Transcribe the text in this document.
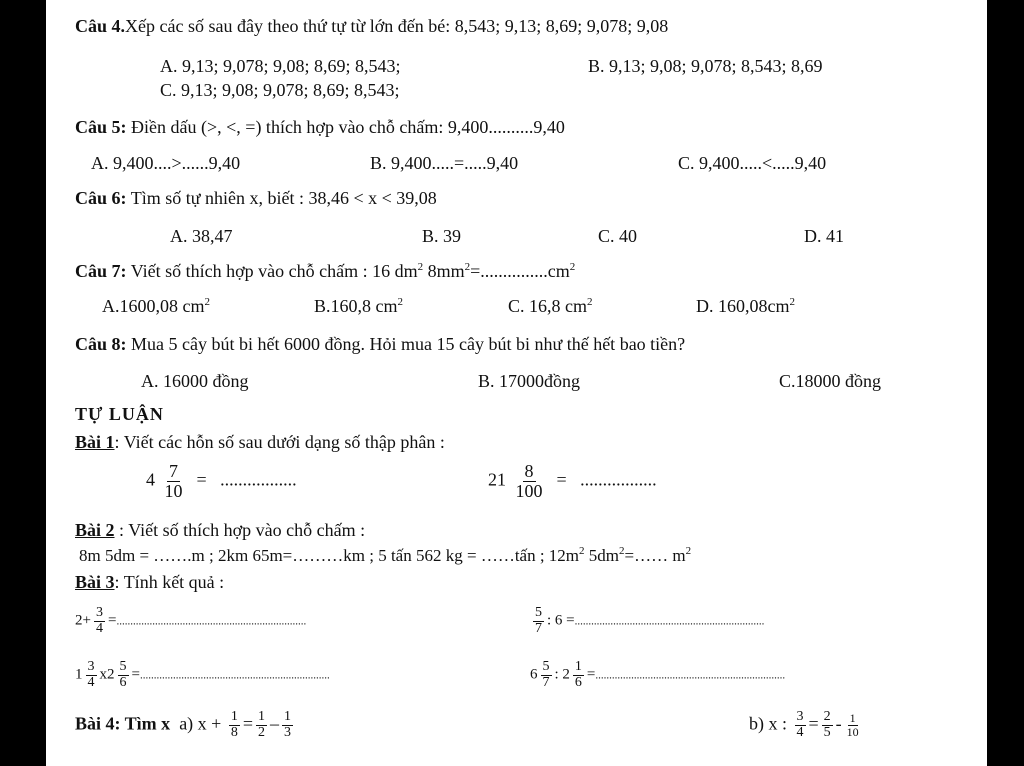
Câu 4.Xếp các số sau đây theo thứ tự từ lớn đến bé: 8,543; 9,13; 8,69; 9,078; 9,08
A. 9,13; 9,078; 9,08; 8,69; 8,543;	B. 9,13; 9,08; 9,078; 8,543; 8,69
C. 9,13; 9,08; 9,078; 8,69; 8,543;
Câu 5: Điền dấu (>, <, =) thích hợp vào chỗ chấm: 9,400..........9,40
A. 9,400....>......9,40	B. 9,400.....=.....9,40	C. 9,400.....<.....9,40
Câu 6: Tìm số tự nhiên x, biết : 38,46 < x < 39,08
A. 38,47	B. 39	C. 40	D. 41
Câu 7: Viết số thích hợp vào chỗ chấm : 16 $dm^2$ $8mm^2=...............cm^2$
A.1600,08 $cm^2$	B.160,8 $cm^2$	C. 16,8 $cm^2$	D. $160,08cm^2$
Câu 8: Mua 5 cây bút bi hết 6000 đồng. Hỏi mua 15 cây bút bi như thế hết bao tiền?
A. 16000 đồng	B. 17000đồng	C.18000 đồng
TỰ LUẬN
Bài 1: Viết các hỗn số sau dưới dạng số thập phân :
$4 \frac{7}{10}$ = .................	$21 \frac{8}{100}$ = .................
Bài 2 : Viết số thích hợp vào chỗ chấm :
8m 5dm = …….m ; 2km 65m=………km ; 5 tấn 562 kg = ……tấn ; $12m^2$ $5dm^2=\dots\dots$ $m^2$
Bài 3: Tính kết quả :
$2+ \frac{3}{4}$ =.....................................................................	$\frac{5}{7}$ : 6 =.....................................................................
$1 \frac{3}{4} x2 \frac{5}{6}$ =.....................................................................	$6 \frac{5}{7}$ : $2 \frac{1}{6}$ =.....................................................................
Bài 4: Tìm x a) $x + \frac{1}{8} = \frac{1}{2} - \frac{1}{3}$	b) x : $\frac{3}{4} = \frac{2}{5} - \frac{1}{10}$
